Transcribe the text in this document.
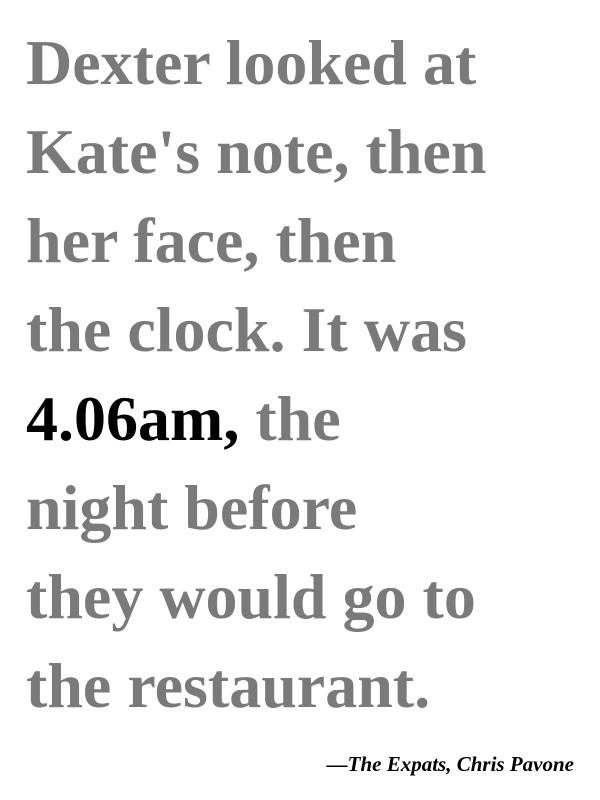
Dexter looked at
Kate's note, then
her face, then
the clock. It was
4.06am, the
night before
they would go to
the restaurant.

—The Expats, Chris Pavone
